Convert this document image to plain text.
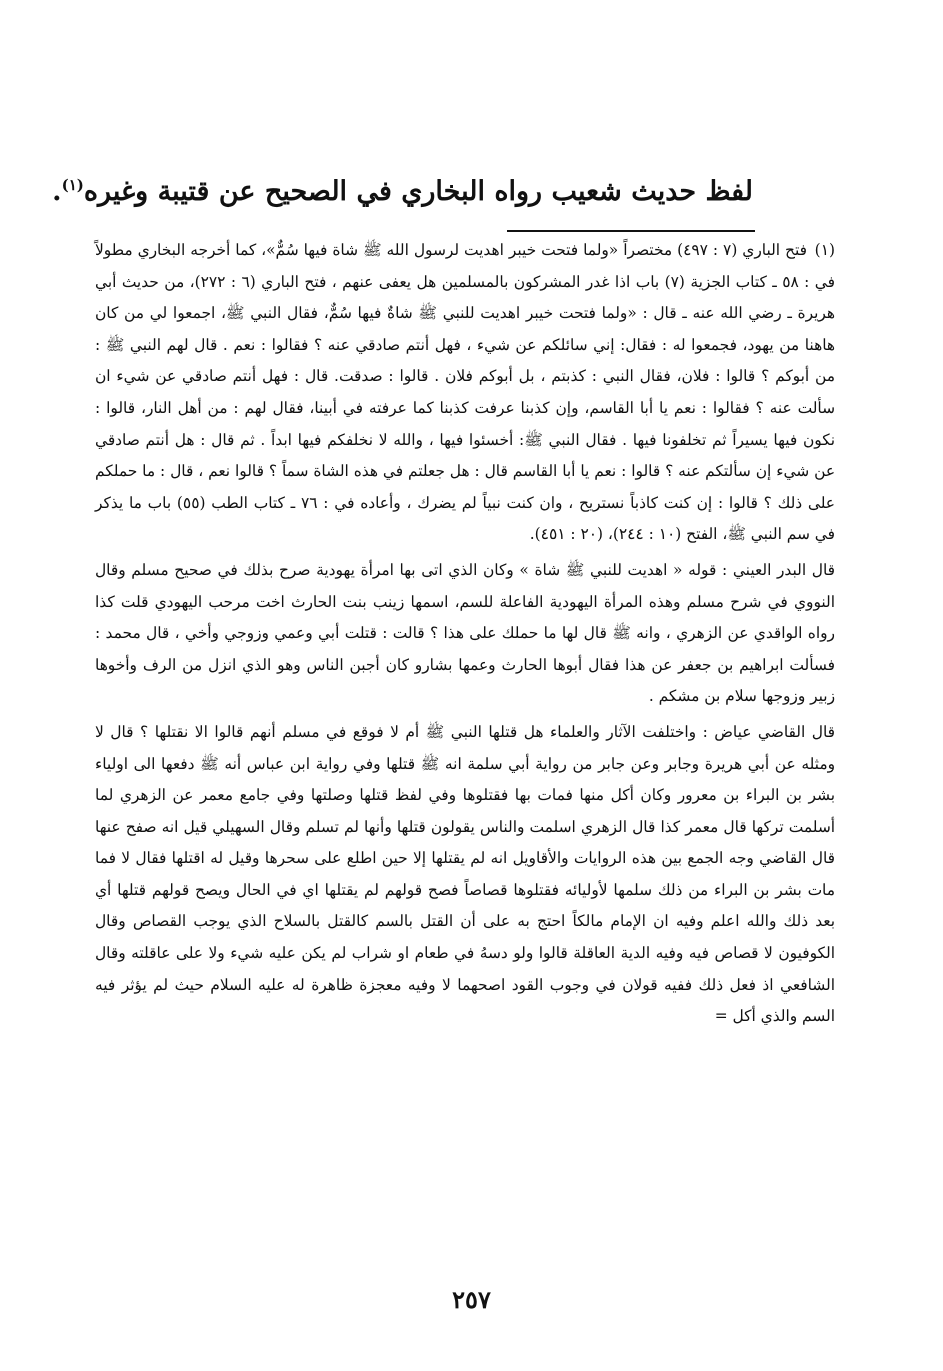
لفظ حديث شعيب رواه البخاري في الصحيح عن قتيبة وغيره$^{(١)}$.

(١)فتح الباري (٧ : ٤٩٧) مختصراً «ولما فتحت خيبر اهديت لرسول الله ﷺ شاة فيها سُمٌّ»، كما أخرجه البخاري مطولاً في : ٥٨ ـ كتاب الجزية (٧) باب اذا غدر المشركون بالمسلمين هل يعفى عنهم ، فتح الباري (٦ : ٢٧٢)، من حديث أبي هريرة ـ رضي الله عنه ـ قال : «ولما فتحت خيبر اهديت للنبي ﷺ شاةٌ فيها سُمٌّ، فقال النبي ﷺ، اجمعوا لي من كان هاهنا من يهود، فجمعوا له : فقال: إني سائلكم عن شيء ، فهل أنتم صادقي عنه ؟ فقالوا : نعم . قال لهم النبي ﷺ : من أبوكم ؟ قالوا : فلان، فقال النبي : كذبتم ، بل أبوكم فلان . قالوا : صدقت. قال : فهل أنتم صادقي عن شيء ان سألت عنه ؟ فقالوا : نعم يا أبا القاسم، وإن كذبنا عرفت كذبنا كما عرفته في أبينا، فقال لهم : من أهل النار، قالوا : نكون فيها يسيراً ثم تخلفونا فيها . فقال النبي ﷺ: أخسئوا فيها ، والله لا نخلفكم فيها ابداً . ثم قال : هل أنتم صادقي عن شيء إن سألتكم عنه ؟ قالوا : نعم يا أبا القاسم قال : هل جعلتم في هذه الشاة سماً ؟ قالوا نعم ، قال : ما حملكم على ذلك ؟ قالوا : إن كنت كاذباً نستريح ، وان كنت نبياً لم يضرك ، وأعاده في : ٧٦ ـ كتاب الطب (٥٥) باب ما يذكر في سم النبي ﷺ، الفتح (١٠ : ٢٤٤)، (٢٠ : ٤٥١).

قال البدر العيني : قوله « اهديت للنبي ﷺ شاة » وكان الذي اتى بها امرأة يهودية صرح بذلك في صحيح مسلم وقال النووي في شرح مسلم وهذه المرأة اليهودية الفاعلة للسم، اسمها زينب بنت الحارث اخت مرحب اليهودي قلت كذا رواه الواقدي عن الزهري ، وانه ﷺ قال لها ما حملك على هذا ؟ قالت : قتلت أبي وعمي وزوجي وأخي ، قال محمد : فسألت ابراهيم بن جعفر عن هذا فقال أبوها الحارث وعمها بشارو كان أجبن الناس وهو الذي انزل من الرف وأخوها زبير وزوجها سلام بن مشكم .

قال القاضي عياض : واختلفت الآثار والعلماء هل قتلها النبي ﷺ أم لا فوقع في مسلم أنهم قالوا الا نقتلها ؟ قال لا ومثله عن أبي هريرة وجابر وعن جابر من رواية أبي سلمة انه ﷺ قتلها وفي رواية ابن عباس أنه ﷺ دفعها الى اولياء بشر بن البراء بن معرور وكان أكل منها فمات بها فقتلوها وفي لفظ قتلها وصلتها وفي جامع معمر عن الزهري لما أسلمت تركها قال معمر كذا قال الزهري اسلمت والناس يقولون قتلها وأنها لم تسلم وقال السهيلي قيل انه صفح عنها قال القاضي وجه الجمع بين هذه الروايات والأقاويل انه لم يقتلها إلا حين اطلع على سحرها وقيل له اقتلها فقال لا فما مات بشر بن البراء من ذلك سلمها لأوليائه فقتلوها قصاصاً فصح قولهم لم يقتلها اي في الحال ويصح قولهم قتلها أي بعد ذلك والله اعلم وفيه ان الإمام مالكاً احتج به على أن القتل بالسم كالقتل بالسلاح الذي يوجب القصاص وقال الكوفيون لا قصاص فيه وفيه الدية العاقلة قالوا ولو دسهُ في طعام او شراب لم يكن عليه شيء ولا على عاقلته وقال الشافعي اذ فعل ذلك ففيه قولان في وجوب القود اصحهما لا وفيه معجزة ظاهرة له عليه السلام حيث لم يؤثر فيه السم والذي أكل =

٢٥٧
